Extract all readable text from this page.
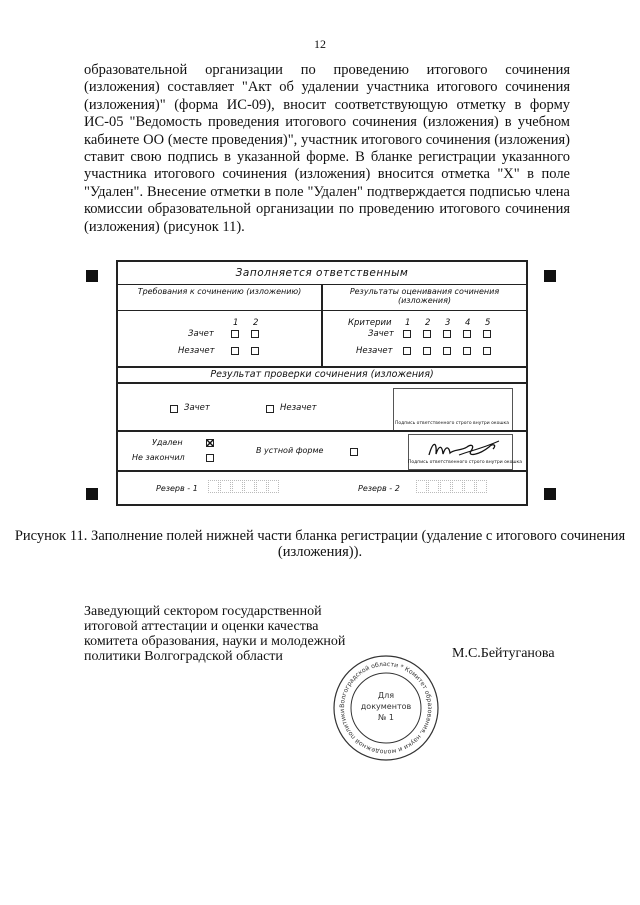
12
образовательной организации по проведению итогового сочинения (изложения) составляет "Акт об удалении участника итогового сочинения (изложения)" (форма ИС-09), вносит соответствующую отметку в форму ИС-05 "Ведомость проведения итогового сочинения (изложения) в учебном кабинете ОО (месте проведения)", участник итогового сочинения (изложения) ставит свою подпись в указанной форме. В бланке регистрации указанного участника итогового сочинения (изложения) вносится отметка "Х" в поле "Удален". Внесение отметки в поле "Удален" подтверждается подписью члена комиссии образовательной организации по проведению итогового сочинения (изложения) (рисунок 11).
Заполняется ответственным
Требования к сочинению (изложению)	Результаты оценивания сочинения (изложения)
1 2
Зачет
Незачет
Критерии 1 2 3 4 5
Зачет
Незачет
Результат проверки сочинения (изложения)
Зачет	Незачет
Подпись ответственного строго внутри окошка
Удален
Не закончил
В устной форме
Подпись ответственного строго внутри окошка
Резерв - 1	Резерв - 2
Рисунок 11. Заполнение полей нижней части бланка регистрации (удаление с итогового сочинения (изложения)).
Заведующий сектором государственной
итоговой аттестации и оценки качества
комитета образования, науки и молодежной
политики Волгоградской области	М.С.Бейтуганова
Волгоградской области * Комитет образования, науки и молодежной политики
Для
документов
№ 1
